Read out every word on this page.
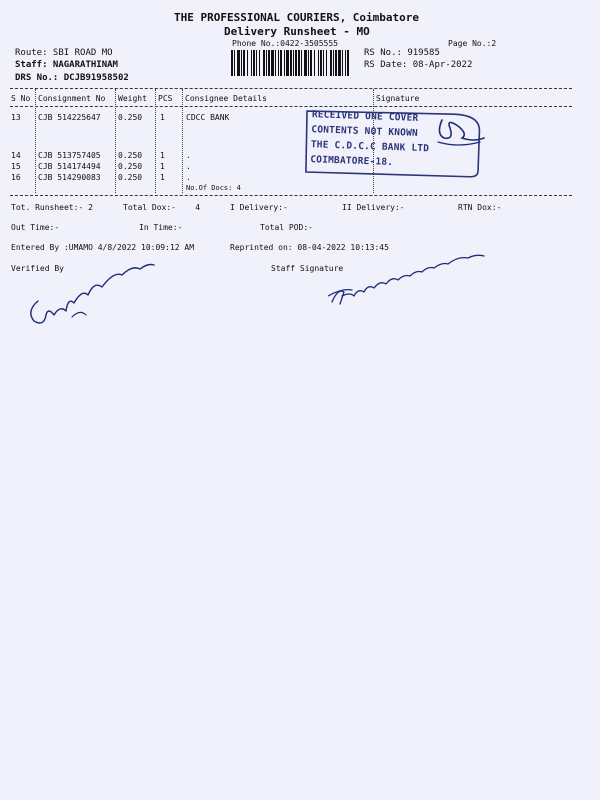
THE PROFESSIONAL COURIERS, Coimbatore
Delivery Runsheet - MO
Phone No.:0422-3505555	Page No.:2
Route: SBI ROAD MO
Staff: NAGARATHINAM
DRS No.: DCJB91958502
RS No.: 919585
RS Date: 08-Apr-2022
S No Consignment No Weight PCS Consignee Details	Signature
13 CJB 514225647 0.250 1	CDCC BANK
14 CJB 513757405 0.250 1	.
15 CJB 514174494 0.250 1	.
16 CJB 514290083 0.250 1	.
No.Of Docs: 4
RECEIVED ONE COVER
CONTENTS NOT KNOWN
THE C.D.C.C BANK LTD
COIMBATORE-18.
Tot. Runsheet:- 2	Total Dox:-    4	I Delivery:-	II Delivery:-	RTN Dox:-
Out Time:-	In Time:-	Total POD:-
Entered By :UMAMO 4/8/2022 10:09:12 AM	Reprinted on: 08-04-2022 10:13:45
Verified By	Staff Signature
